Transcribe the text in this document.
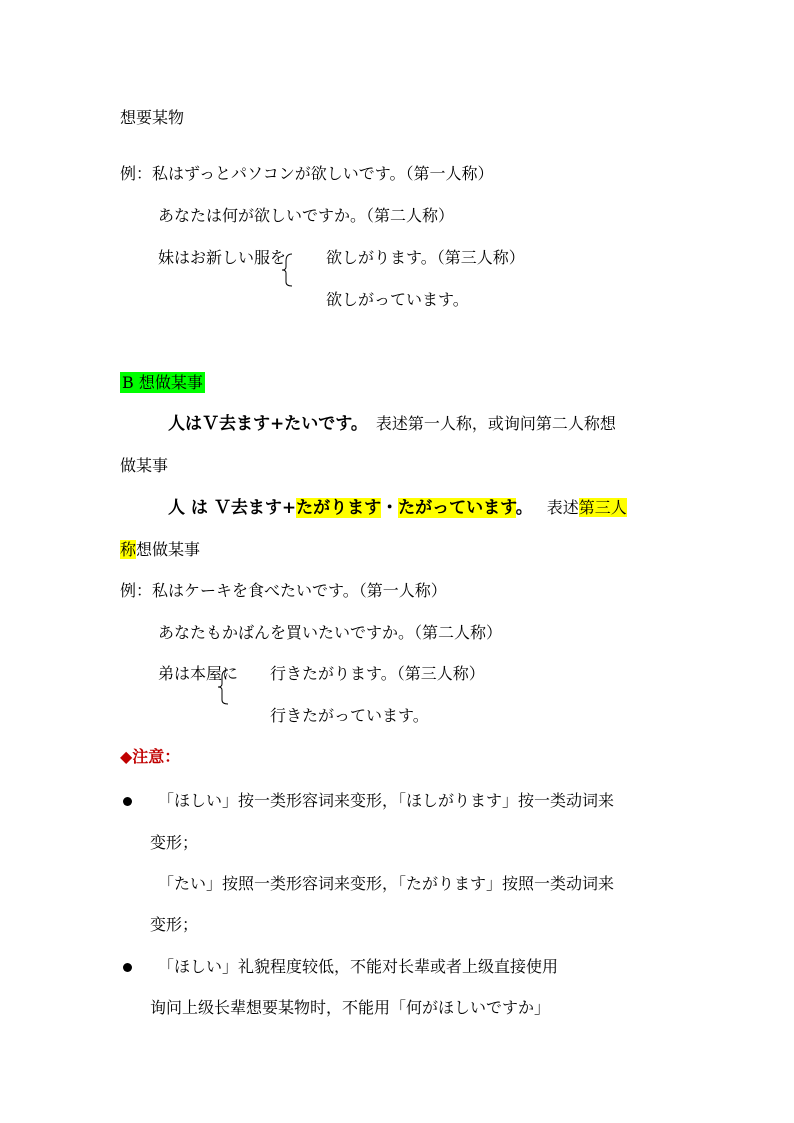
想要某物
例：私はずっとパソコンが欲しいです。（第一人称）
あなたは何が欲しいですか。（第二人称）
妹はお新しい服を 欲しがります。（第三人称）
欲しがっています。
B 想做某事
人はＶ去ます+たいです。 表述第一人称，或询问第二人称想
做某事
人 は Ｖ去ます+たがります・たがっています。 表述第三人
称想做某事
例：私はケーキを食べたいです。（第一人称）
あなたもかばんを買いたいですか。（第二人称）
弟は本屋に 行きたがります。（第三人称）
行きたがっています。
◆注意：
「ほしい」按一类形容词来变形，「ほしがります」按一类动词来
变形；
「たい」按照一类形容词来变形，「たがります」按照一类动词来
变形；
「ほしい」礼貌程度较低，不能对长辈或者上级直接使用
询问上级长辈想要某物时，不能用「何がほしいですか」
